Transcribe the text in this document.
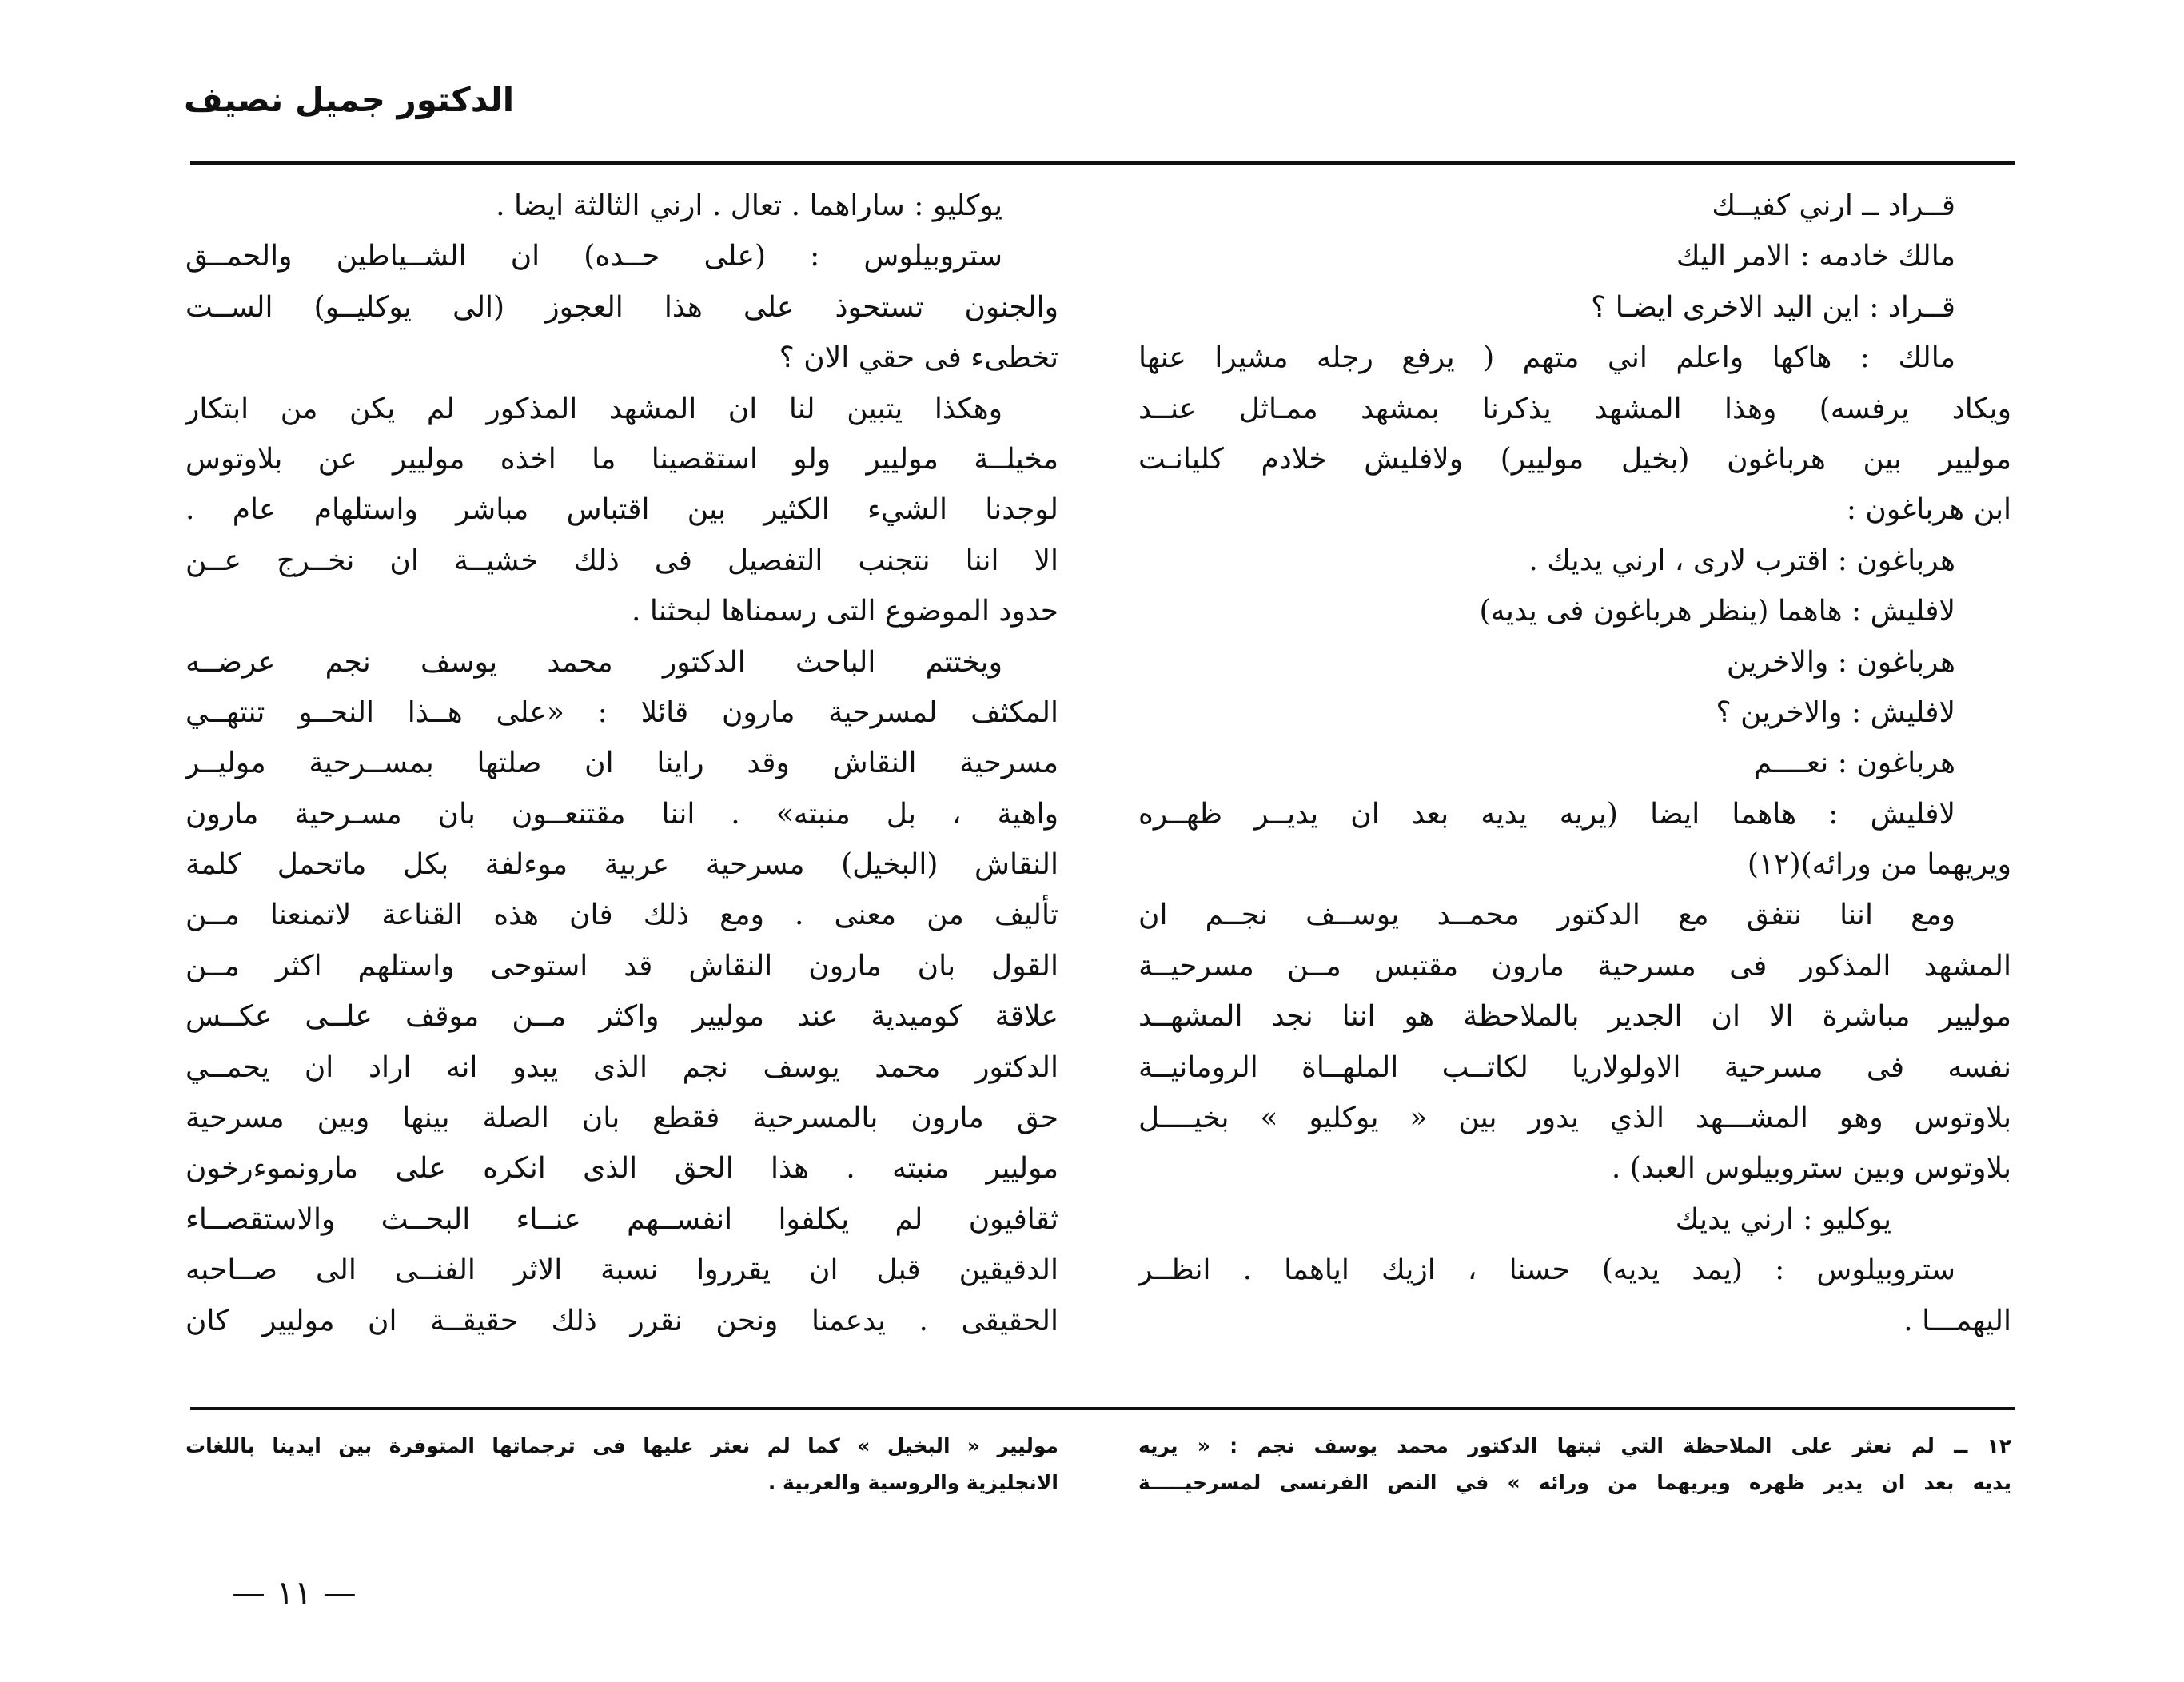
الدكتور جميل نصيف
قــراد ــ ارني كفيــك
مالك خادمه : الامر اليك
قــراد : اين اليد الاخرى ايضـا ؟
مالك : هاكها واعلم اني متهم ( يرفع رجله مشيرا عنها
ويكاد يرفسه) وهذا المشهد يذكرنا بمشهد ممـاثل عنــد
موليير بين هرباغون (بخيل موليير) ولافليش خلادم كليانـت
ابن هرباغون :
هرباغون : اقترب لارى ، ارني يديك .
لافليش : هاهما (ينظر هرباغون فى يديه)
هرباغون : والاخرين
لافليش : والاخرين ؟
هرباغون : نعــــم
لافليش : هاهما ايضا (يريه يديه بعد ان يديــر ظهــره
ويريهما من ورائه)(١٢)
ومع اننا نتفق مع الدكتور محمــد يوســف نجــم ان
المشهد المذكور فى مسرحية مارون مقتبس مــن مسرحيــة
موليير مباشرة الا ان الجدير بالملاحظة هو اننا نجد المشهــد
نفسه فى مسرحية الاولولاريا لكاتــب الملهــاة الرومانيــة
بلاوتوس وهو المشـــهد الذي يدور بين « يوكليو » بخيــــل
بلاوتوس وبين ستروبيلوس العبد) .
يوكليو : ارني يديك
ستروبيلوس : (يمد يديه) حسنا ، ازيك اياهما . انظــر
اليهمـــا .
يوكليو : ساراهما . تعال . ارني الثالثة ايضا .
ستروبيلوس : (على حــده) ان الشــياطين والحمــق
والجنون تستحوذ على هذا العجوز (الى يوكليــو) الســت
تخطىء فى حقي الان ؟
وهكذا يتبين لنا ان المشهد المذكور لم يكن من ابتكار
مخيلــة موليير ولو استقصينا ما اخذه موليير عن بلاوتوس
لوجدنا الشيء الكثير بين اقتباس مباشر واستلهام عام .
الا اننا نتجنب التفصيل فى ذلك خشيــة ان نخــرج عــن
حدود الموضوع التى رسمناها لبحثنا .
ويختتم الباحث الدكتور محمد يوسف نجم عرضــه
المكثف لمسرحية مارون قائلا : «على هــذا النحــو تنتهــي
مسرحية النقاش وقد راينا ان صلتها بمســرحية موليــر
واهية ، بل منبته» . اننا مقتنعــون بان مسـرحية مارون
النقاش (البخيل) مسرحية عربية موءلفة بكل ماتحمل كلمة
تأليف من معنى . ومع ذلك فان هذه القناعة لاتمنعنا مــن
القول بان مارون النقاش قد استوحى واستلهم اكثر مــن
علاقة كوميدية عند موليير واكثر مــن موقف علــى عكــس
الدكتور محمد يوسف نجم الذى يبدو انه اراد ان يحمــي
حق مارون بالمسرحية فقطع بان الصلة بينها وبين مسرحية
موليير منبته . هذا الحق الذى انكره على مارونموءرخون
ثقافيون لم يكلفوا انفســهم عنــاء البحــث والاستقصــاء
الدقيقين قبل ان يقرروا نسبة الاثر الفنــى الى صــاحبه
الحقيقى . يدعمنا ونحن نقرر ذلك حقيقــة ان موليير كان
١٢ ــ لم نعثر على الملاحظة التي ثبتها الدكتور محمد يوسف نجم : « يريه
يديه بعد ان يدير ظهره ويريهما من ورائه » في النص الفرنسى لمسرحيـــــة
موليير « البخيل » كما لم نعثر عليها فى ترجماتها المتوفرة بين ايدينا باللغات
الانجليزية والروسية والعربية .
— ١١ —
